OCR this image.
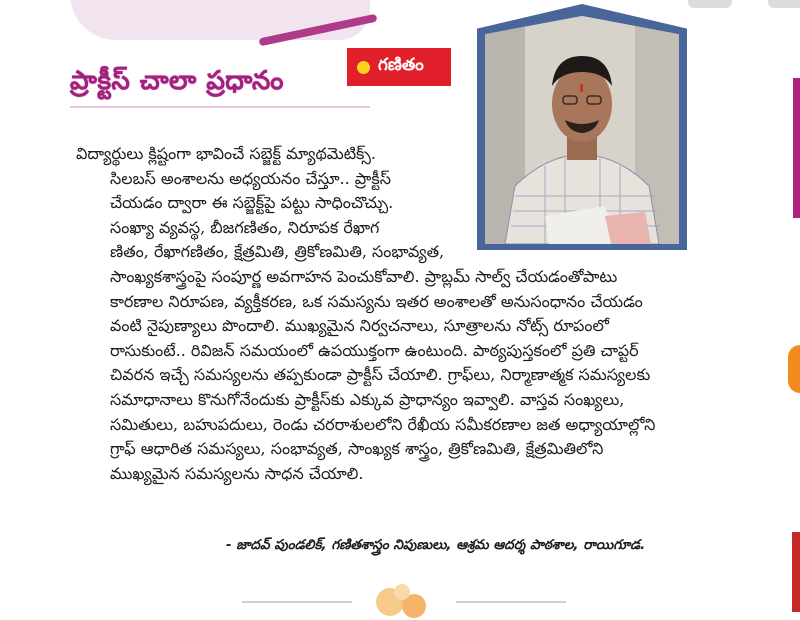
ప్రాక్టీస్ చాలా ప్రధానం
గణితం
విద్యార్థులు క్లిష్టంగా భావించే సబ్జెక్ట్ మ్యాథమెటిక్స్.
సిలబస్ అంశాలను అధ్యయనం చేస్తూ.. ప్రాక్టీస్
చేయడం ద్వారా ఈ సబ్జెక్ట్‌పై పట్టు సాధించొచ్చు.
సంఖ్యా వ్యవస్థ, బీజగణితం, నిరూపక రేఖాగ
ణితం, రేఖాగణితం, క్షేత్రమితి, త్రికోణమితి, సంభావ్యత,
సాంఖ్యకశాస్త్రంపై సంపూర్ణ అవగాహన పెంచుకోవాలి. ప్రాబ్లమ్ సాల్వ్ చేయడంతోపాటు
కారణాల నిరూపణ, వ్యక్తీకరణ, ఒక సమస్యను ఇతర అంశాలతో అనుసంధానం చేయడం
వంటి నైపుణ్యాలు పొందాలి. ముఖ్యమైన నిర్వచనాలు, సూత్రాలను నోట్స్ రూపంలో
రాసుకుంటే.. రివిజన్ సమయంలో ఉపయుక్తంగా ఉంటుంది. పాఠ్యపుస్తకంలో ప్రతి చాప్టర్
చివరన ఇచ్చే సమస్యలను తప్పకుండా ప్రాక్టీస్ చేయాలి. గ్రాఫ్‌లు, నిర్మాణాత్మక సమస్యలకు
సమాధానాలు కొనుగోనేందుకు ప్రాక్టీస్‌కు ఎక్కువ ప్రాధాన్యం ఇవ్వాలి. వాస్తవ సంఖ్యలు,
సమితులు, బహుపదులు, రెండు చరరాశులలోని రేఖీయ సమీకరణాల జత అధ్యాయాల్లోని
గ్రాఫ్ ఆధారిత సమస్యలు, సంభావ్యత, సాంఖ్యక శాస్త్రం, త్రికోణమితి, క్షేత్రమితిలోని
ముఖ్యమైన సమస్యలను సాధన చేయాలి.
- జాదవ్ పుండలిక్, గణితశాస్త్రం నిపుణులు, ఆశ్రమ ఆదర్శ పాఠశాల, రాయిగూడ.
